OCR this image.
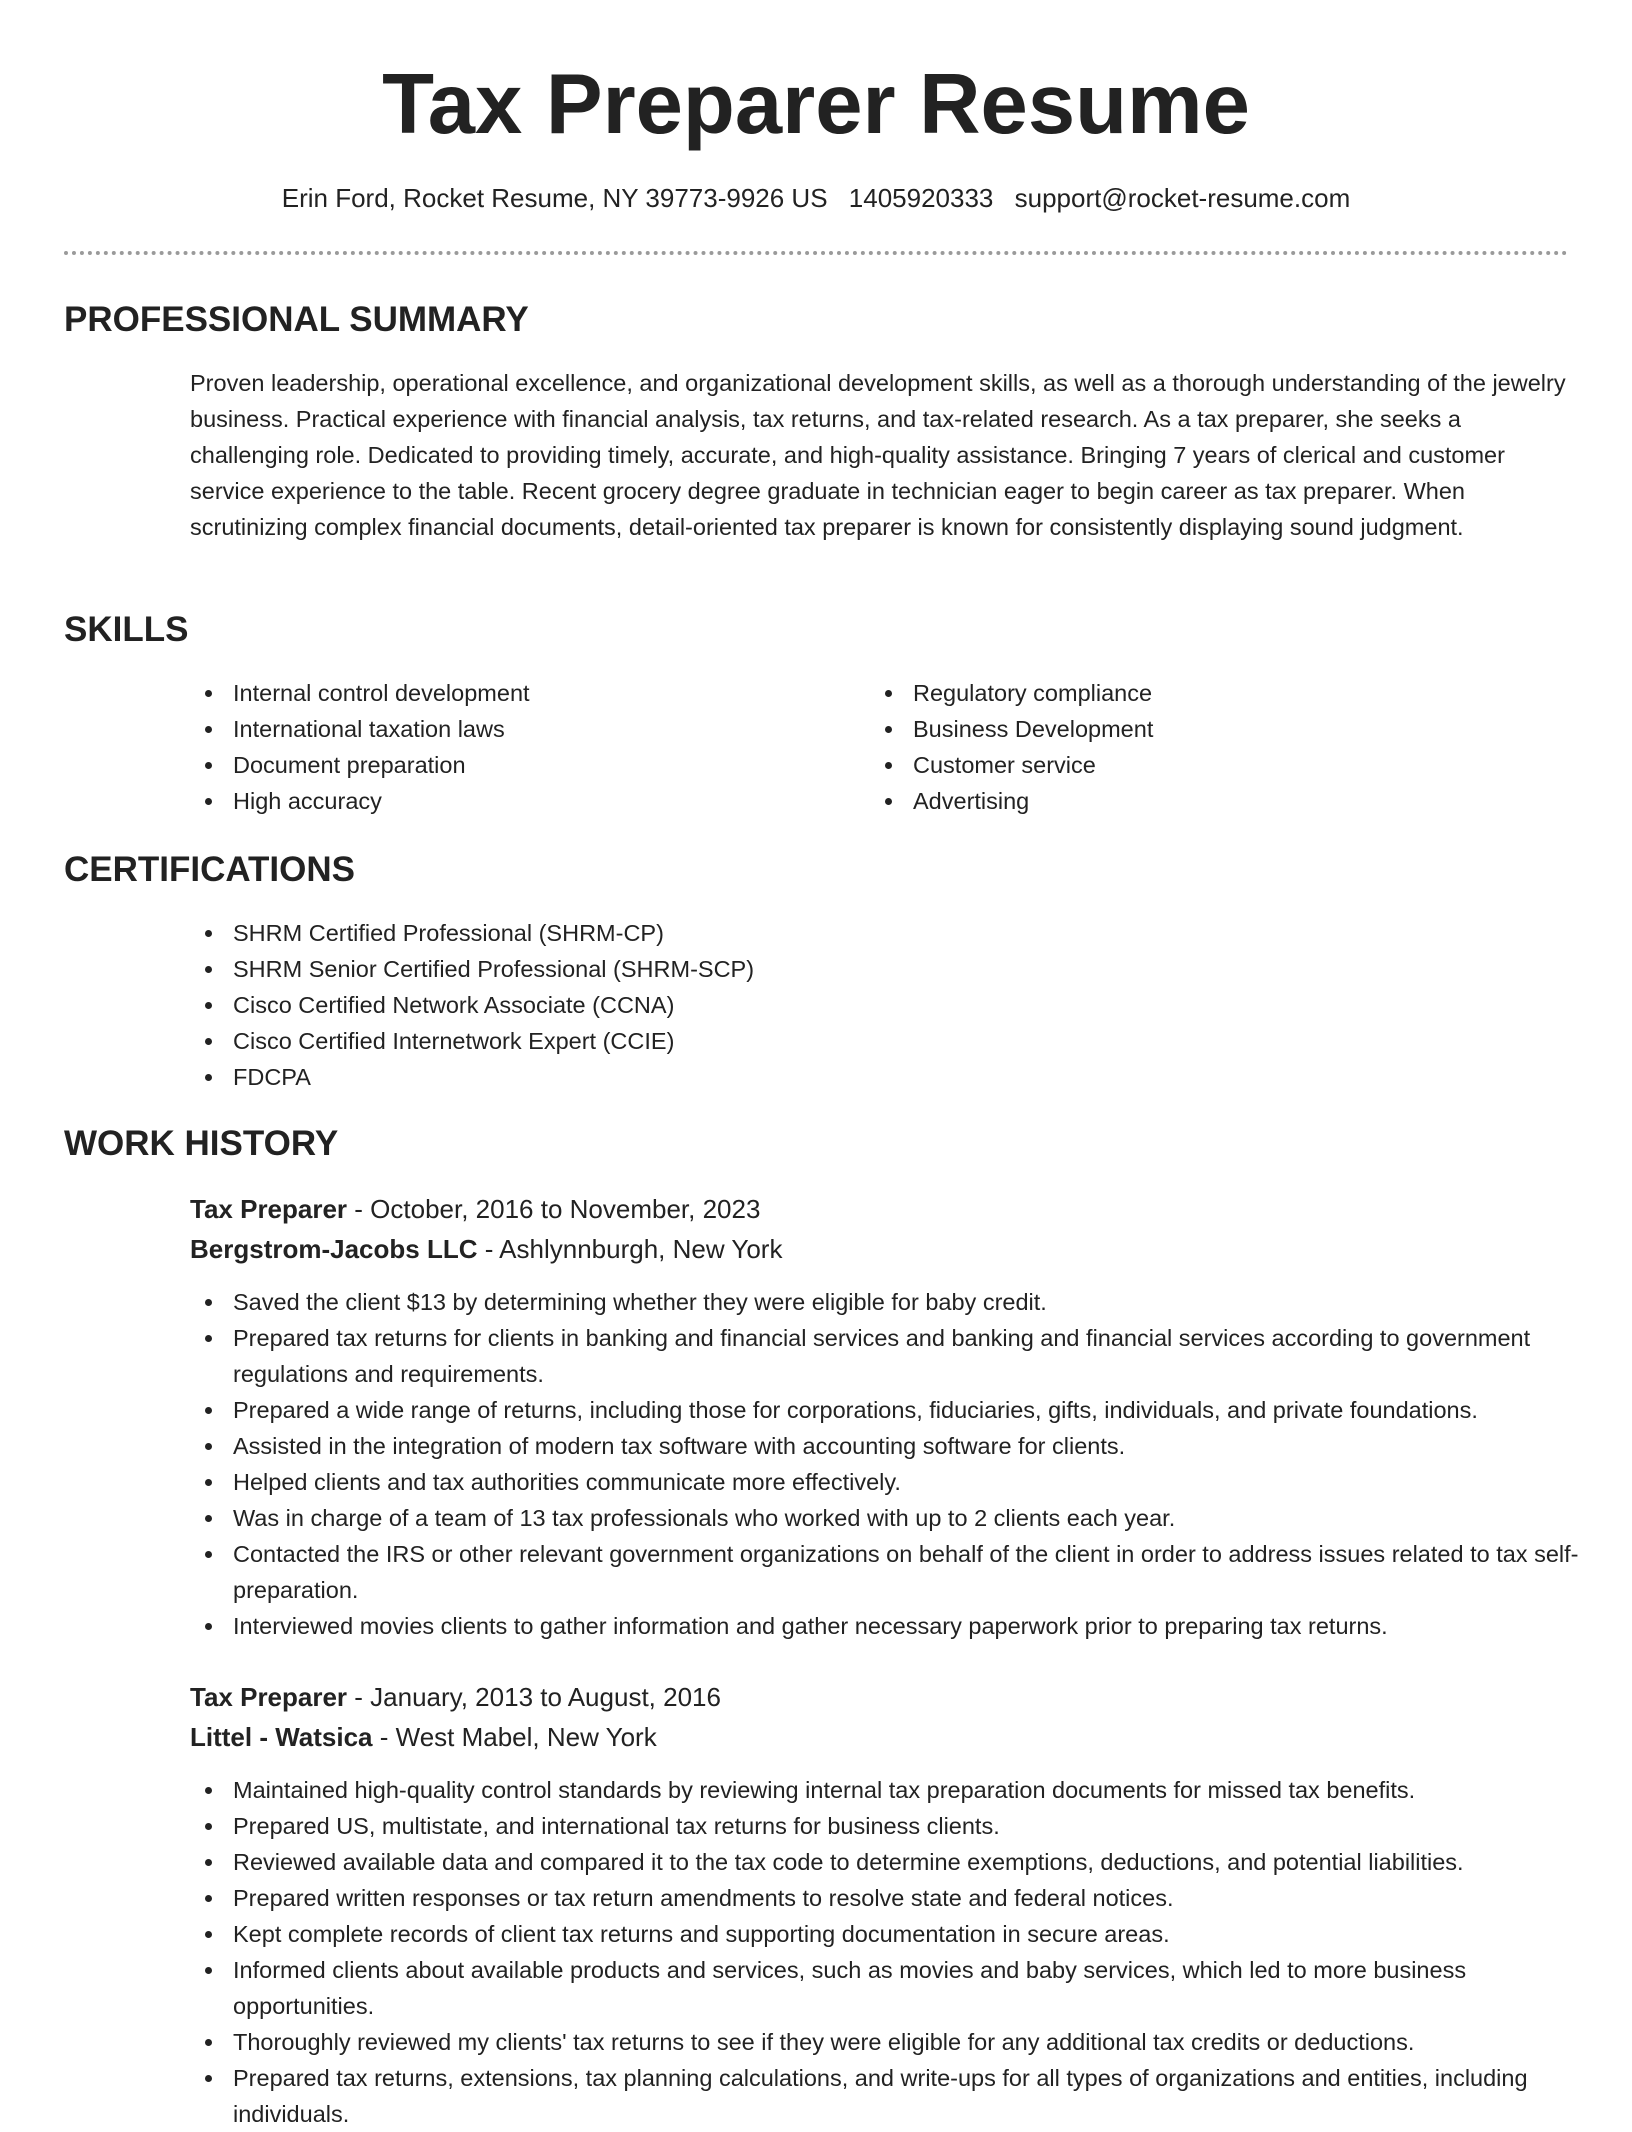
Tax Preparer Resume
Erin Ford, Rocket Resume, NY 39773-9926 US 1405920333 support@rocket-resume.com
PROFESSIONAL SUMMARY

Proven leadership, operational excellence, and organizational development skills, as well as a thorough understanding of the jewelry business. Practical experience with financial analysis, tax returns, and tax-related research. As a tax preparer, she seeks a challenging role. Dedicated to providing timely, accurate, and high-quality assistance. Bringing 7 years of clerical and customer service experience to the table. Recent grocery degree graduate in technician eager to begin career as tax preparer. When scrutinizing complex financial documents, detail-oriented tax preparer is known for consistently displaying sound judgment.

SKILLS
Internal control development
International taxation laws
Document preparation
High accuracy
Regulatory compliance
Business Development
Customer service
Advertising
CERTIFICATIONS
SHRM Certified Professional (SHRM-CP)
SHRM Senior Certified Professional (SHRM-SCP)
Cisco Certified Network Associate (CCNA)
Cisco Certified Internetwork Expert (CCIE)
FDCPA
WORK HISTORY
Tax Preparer - October, 2016 to November, 2023
Bergstrom-Jacobs LLC - Ashlynnburgh, New York
Saved the client $13 by determining whether they were eligible for baby credit.
Prepared tax returns for clients in banking and financial services and banking and financial services according to government regulations and requirements.
Prepared a wide range of returns, including those for corporations, fiduciaries, gifts, individuals, and private foundations.
Assisted in the integration of modern tax software with accounting software for clients.
Helped clients and tax authorities communicate more effectively.
Was in charge of a team of 13 tax professionals who worked with up to 2 clients each year.
Contacted the IRS or other relevant government organizations on behalf of the client in order to address issues related to tax self-preparation.
Interviewed movies clients to gather information and gather necessary paperwork prior to preparing tax returns.
Tax Preparer - January, 2013 to August, 2016
Littel - Watsica - West Mabel, New York
Maintained high-quality control standards by reviewing internal tax preparation documents for missed tax benefits.
Prepared US, multistate, and international tax returns for business clients.
Reviewed available data and compared it to the tax code to determine exemptions, deductions, and potential liabilities.
Prepared written responses or tax return amendments to resolve state and federal notices.
Kept complete records of client tax returns and supporting documentation in secure areas.
Informed clients about available products and services, such as movies and baby services, which led to more business opportunities.
Thoroughly reviewed my clients' tax returns to see if they were eligible for any additional tax credits or deductions.
Prepared tax returns, extensions, tax planning calculations, and write-ups for all types of organizations and entities, including individuals.
